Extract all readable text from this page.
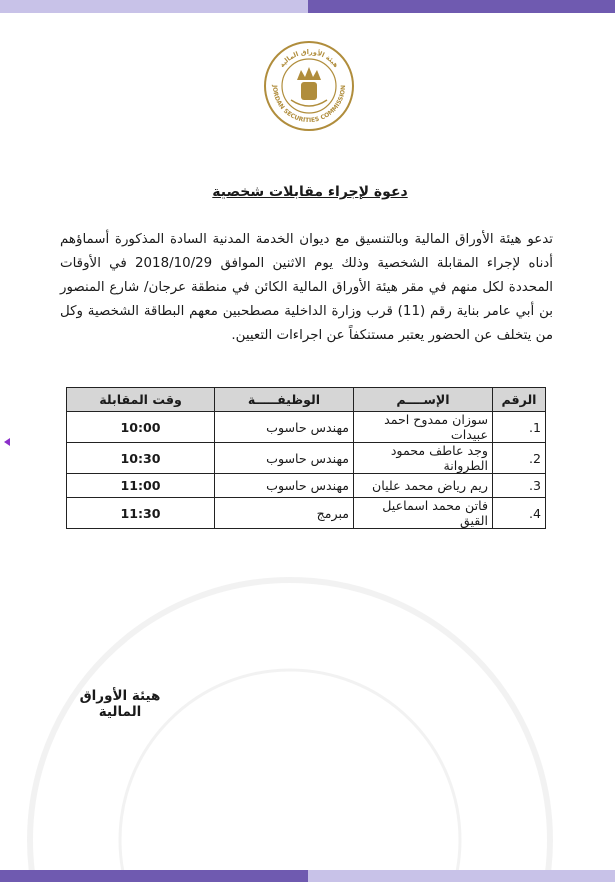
هيئة الأوراق المالية
JORDAN SECURITIES COMMISSION
دعوة لإجراء مقابلات شخصية
تدعو هيئة الأوراق المالية وبالتنسيق مع ديوان الخدمة المدنية السادة المذكورة أسماؤهم أدناه لإجراء المقابلة الشخصية وذلك يوم الاثنين الموافق 2018/10/29 في الأوقات المحددة لكل منهم في مقر هيئة الأوراق المالية الكائن في منطقة عرجان/ شارع المنصور بن أبي عامر بناية رقم (11) قرب وزارة الداخلية مصطحبين معهم البطاقة الشخصية وكل من يتخلف عن الحضور يعتبر مستنكفاً عن اجراءات التعيين.
الرقم	الإســــم	الوظيفـــــة	وقت المقابلة
1.	سوزان ممدوح احمد عبيدات	مهندس حاسوب	10:00
2.	وجد عاطف محمود الطروانة	مهندس حاسوب	10:30
3.	ريم رياض محمد عليان	مهندس حاسوب	11:00
4.	فاتن محمد اسماعيل القيق	مبرمج	11:30
هيئة الأوراق المالية
